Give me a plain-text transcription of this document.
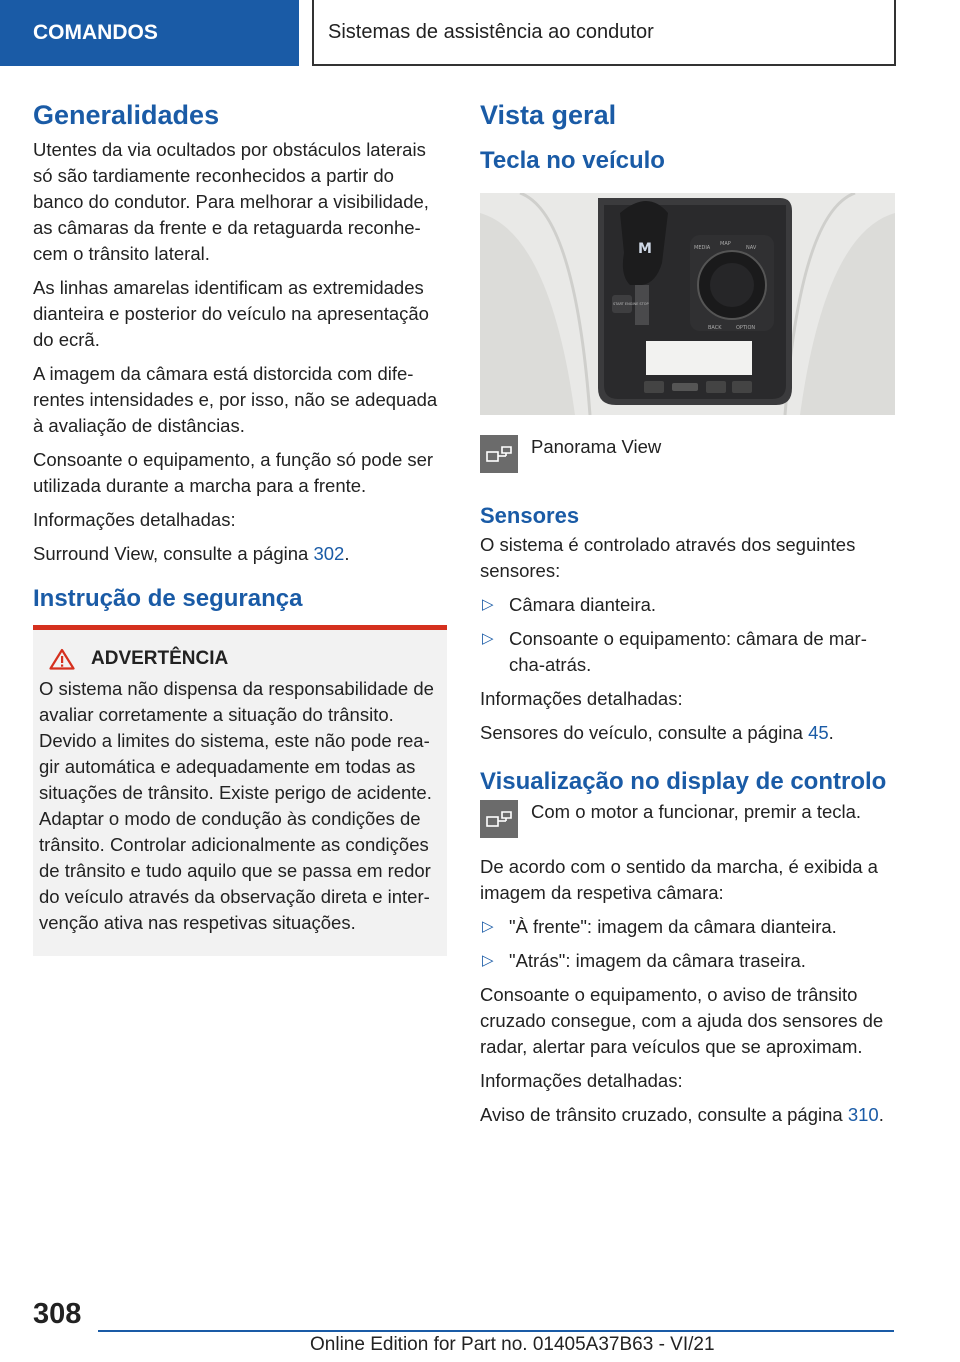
COMANDOS	Sistemas de assistência ao condutor
Generalidades

Utentes da via ocultados por obstáculos laterais só são tardiamente reconhecidos a partir do banco do condutor. Para melhorar a visibilidade, as câmaras da frente e da retaguarda reconhe-cem o trânsito lateral.

As linhas amarelas identificam as extremidades dianteira e posterior do veículo na apresentação do ecrã.

A imagem da câmara está distorcida com dife-rentes intensidades e, por isso, não se adequada à avaliação de distâncias.

Consoante o equipamento, a função só pode ser utilizada durante a marcha para a frente.

Informações detalhadas:

Surround View, consulte a página 302.

Instrução de segurança
ADVERTÊNCIA

O sistema não dispensa da responsabilidade de avaliar corretamente a situação do trânsito. Devido a limites do sistema, este não pode rea-gir automática e adequadamente em todas as situações de trânsito. Existe perigo de acidente. Adaptar o modo de condução às condições de trânsito. Controlar adicionalmente as condições de trânsito e tudo aquilo que se passa em redor do veículo através da observação direta e inter-venção ativa nas respetivas situações.

Vista geral
Tecla no veículo
M	MEDIA
MAP
NAV
BACK	OPTION
START ENGINE STOP
Panorama View
Sensores

O sistema é controlado através dos seguintes sensores:

▷ Câmara dianteira.
▷ Consoante o equipamento: câmara de mar-cha-atrás.

Informações detalhadas:

Sensores do veículo, consulte a página 45.

Visualização no display de controlo
Com o motor a funcionar, premir a tecla.

De acordo com o sentido da marcha, é exibida a imagem da respetiva câmara:

▷ "À frente": imagem da câmara dianteira.
▷ "Atrás": imagem da câmara traseira.

Consoante o equipamento, o aviso de trânsito cruzado consegue, com a ajuda dos sensores de radar, alertar para veículos que se aproximam.

Informações detalhadas:

Aviso de trânsito cruzado, consulte a página 310.

308
Online Edition for Part no. 01405A37B63 - VI/21
